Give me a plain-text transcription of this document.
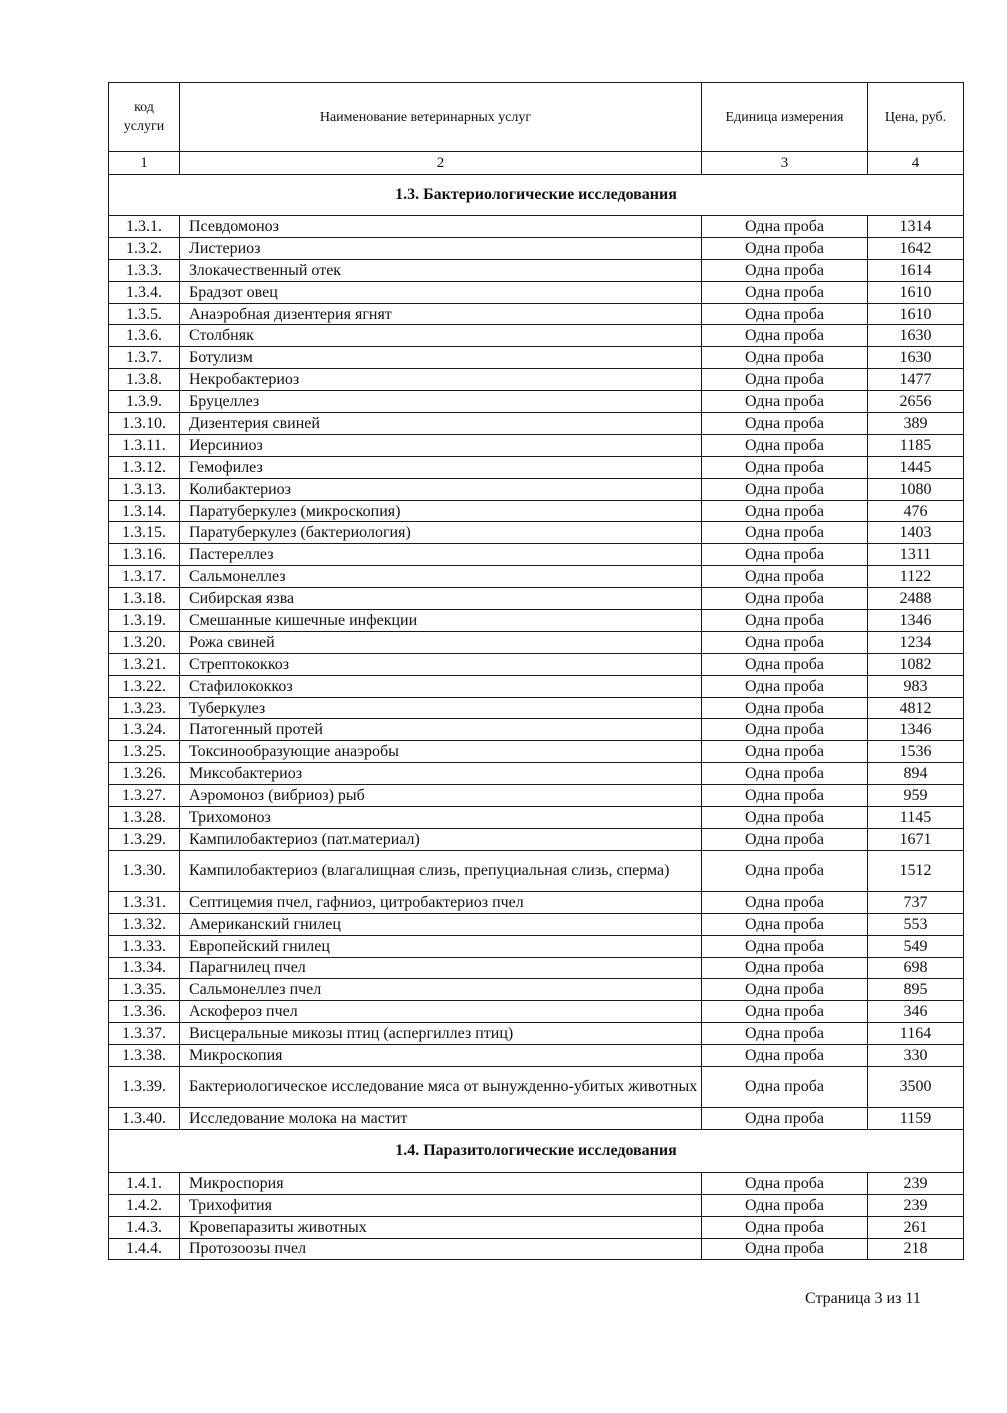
код
услуги	Наименование ветеринарных услуг	Единица измерения	Цена, руб.
1	2	3	4
1.3. Бактериологические исследования			
1.3.1.	Псевдомоноз	Одна проба	1314
1.3.2.	Листериоз	Одна проба	1642
1.3.3.	Злокачественный отек	Одна проба	1614
1.3.4.	Брадзот овец	Одна проба	1610
1.3.5.	Анаэробная дизентерия ягнят	Одна проба	1610
1.3.6.	Столбняк	Одна проба	1630
1.3.7.	Ботулизм	Одна проба	1630
1.3.8.	Некробактериоз	Одна проба	1477
1.3.9.	Бруцеллез	Одна проба	2656
1.3.10.	Дизентерия свиней	Одна проба	389
1.3.11.	Иерсиниоз	Одна проба	1185
1.3.12.	Гемофилез	Одна проба	1445
1.3.13.	Колибактериоз	Одна проба	1080
1.3.14.	Паратуберкулез (микроскопия)	Одна проба	476
1.3.15.	Паратуберкулез (бактериология)	Одна проба	1403
1.3.16.	Пастереллез	Одна проба	1311
1.3.17.	Сальмонеллез	Одна проба	1122
1.3.18.	Сибирская язва	Одна проба	2488
1.3.19.	Смешанные кишечные инфекции	Одна проба	1346
1.3.20.	Рожа свиней	Одна проба	1234
1.3.21.	Стрептококкоз	Одна проба	1082
1.3.22.	Стафилококкоз	Одна проба	983
1.3.23.	Туберкулез	Одна проба	4812
1.3.24.	Патогенный протей	Одна проба	1346
1.3.25.	Токсинообразующие анаэробы	Одна проба	1536
1.3.26.	Миксобактериоз	Одна проба	894
1.3.27.	Аэромоноз (вибриоз) рыб	Одна проба	959
1.3.28.	Трихомоноз	Одна проба	1145
1.3.29.	Кампилобактериоз (пат.материал)	Одна проба	1671
1.3.30.	Кампилобактериоз (влагалищная слизь, препуциальная слизь, сперма)	Одна проба	1512
1.3.31.	Септицемия пчел, гафниоз, цитробактериоз пчел	Одна проба	737
1.3.32.	Американский гнилец	Одна проба	553
1.3.33.	Европейский гнилец	Одна проба	549
1.3.34.	Парагнилец пчел	Одна проба	698
1.3.35.	Сальмонеллез пчел	Одна проба	895
1.3.36.	Аскофероз пчел	Одна проба	346
1.3.37.	Висцеральные микозы птиц (аспергиллез птиц)	Одна проба	1164
1.3.38.	Микроскопия	Одна проба	330
1.3.39.	Бактериологическое исследование мяса от вынужденно-убитых животных	Одна проба	3500
1.3.40.	Исследование молока на мастит	Одна проба	1159
1.4. Паразитологические исследования			
1.4.1.	Микроспория	Одна проба	239
1.4.2.	Трихофития	Одна проба	239
1.4.3.	Кровепаразиты животных	Одна проба	261
1.4.4.	Протозоозы пчел	Одна проба	218
Страница 3 из 11
